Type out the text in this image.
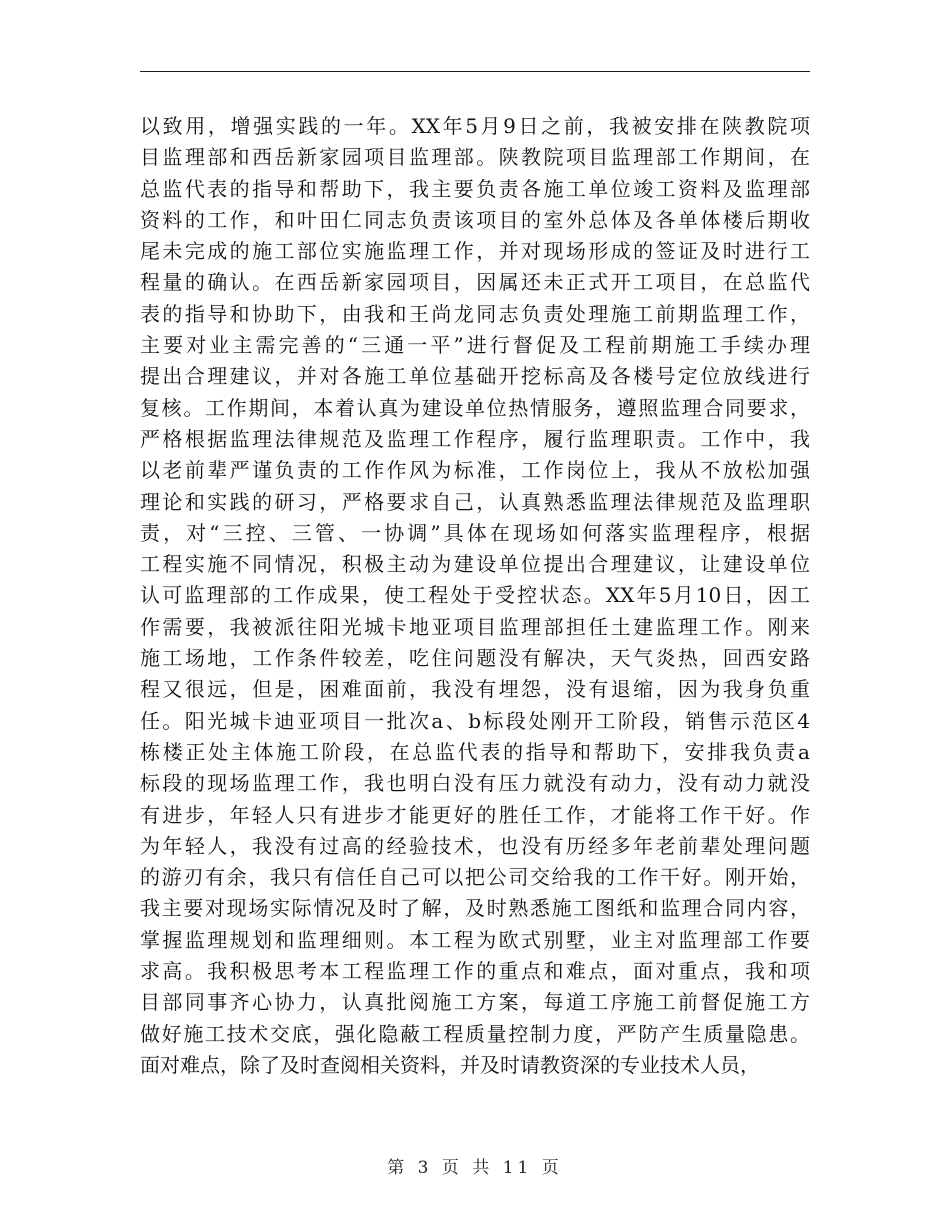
以致用，增强实践的一年。XX年5月9日之前，我被安排在陕教院项
目监理部和西岳新家园项目监理部。陕教院项目监理部工作期间，在
总监代表的指导和帮助下，我主要负责各施工单位竣工资料及监理部
资料的工作，和叶田仁同志负责该项目的室外总体及各单体楼后期收
尾未完成的施工部位实施监理工作，并对现场形成的签证及时进行工
程量的确认。在西岳新家园项目，因属还未正式开工项目，在总监代
表的指导和协助下，由我和王尚龙同志负责处理施工前期监理工作，
主要对业主需完善的“三通一平”进行督促及工程前期施工手续办理
提出合理建议，并对各施工单位基础开挖标高及各楼号定位放线进行
复核。工作期间，本着认真为建设单位热情服务，遵照监理合同要求，
严格根据监理法律规范及监理工作程序，履行监理职责。工作中，我
以老前辈严谨负责的工作作风为标准，工作岗位上，我从不放松加强
理论和实践的研习，严格要求自己，认真熟悉监理法律规范及监理职
责，对“三控、三管、一协调”具体在现场如何落实监理程序，根据
工程实施不同情况，积极主动为建设单位提出合理建议，让建设单位
认可监理部的工作成果，使工程处于受控状态。XX年5月10日，因工
作需要，我被派往阳光城卡地亚项目监理部担任土建监理工作。刚来
施工场地，工作条件较差，吃住问题没有解决，天气炎热，回西安路
程又很远，但是，困难面前，我没有埋怨，没有退缩，因为我身负重
任。阳光城卡迪亚项目一批次a、b标段处刚开工阶段，销售示范区4
栋楼正处主体施工阶段，在总监代表的指导和帮助下，安排我负责a
标段的现场监理工作，我也明白没有压力就没有动力，没有动力就没
有进步，年轻人只有进步才能更好的胜任工作，才能将工作干好。作
为年轻人，我没有过高的经验技术，也没有历经多年老前辈处理问题
的游刃有余，我只有信任自己可以把公司交给我的工作干好。刚开始，
我主要对现场实际情况及时了解，及时熟悉施工图纸和监理合同内容，
掌握监理规划和监理细则。本工程为欧式别墅，业主对监理部工作要
求高。我积极思考本工程监理工作的重点和难点，面对重点，我和项
目部同事齐心协力，认真批阅施工方案，每道工序施工前督促施工方
做好施工技术交底，强化隐蔽工程质量控制力度，严防产生质量隐患。
面对难点，除了及时查阅相关资料，并及时请教资深的专业技术人员，
第 3 页 共 11 页
